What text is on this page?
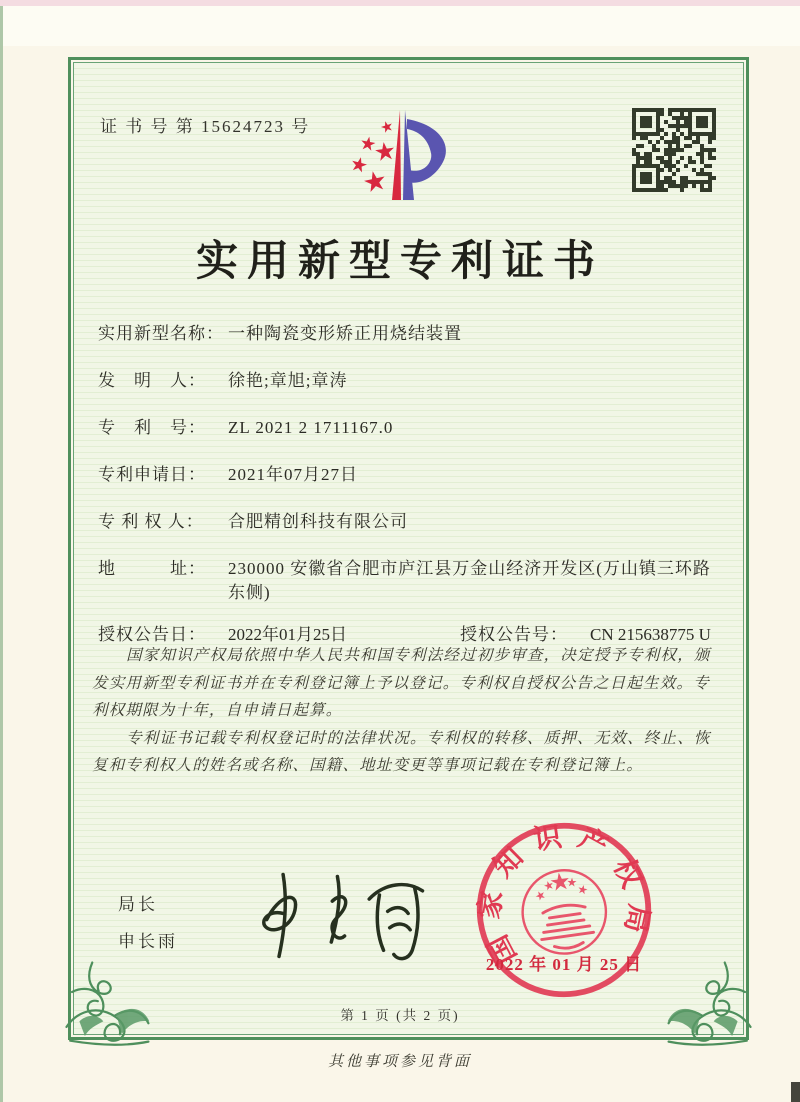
证 书 号 第 15624723 号
实用新型专利证书
实用新型名称： 一种陶瓷变形矫正用烧结装置
发　明　人：	徐艳;章旭;章涛
专　利　号：	ZL 2021 2 1711167.0
专利申请日：	2021年07月27日
专 利 权 人：	合肥精创科技有限公司
地　　　址：	230000 安徽省合肥市庐江县万金山经济开发区(万山镇三环路东侧)
授权公告日：	2022年01月25日	授权公告号：	CN 215638775 U

国家知识产权局依照中华人民共和国专利法经过初步审查，决定授予专利权，颁发实用新型专利证书并在专利登记簿上予以登记。专利权自授权公告之日起生效。专利权期限为十年，自申请日起算。

专利证书记载专利权登记时的法律状况。专利权的转移、质押、无效、终止、恢复和专利权人的姓名或名称、国籍、地址变更等事项记载在专利登记簿上。

局长
申长雨	国家知识产权局
2022 年 01 月 25 日
第 1 页 (共 2 页)
其他事项参见背面
